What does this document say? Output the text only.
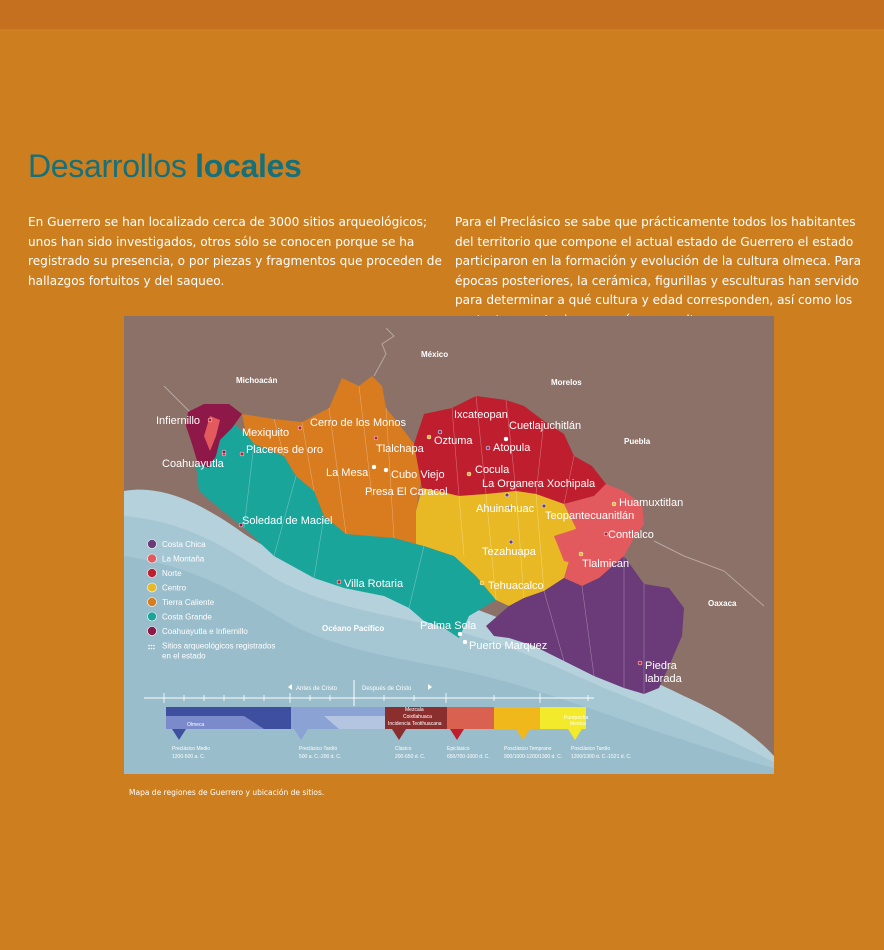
Desarrollos locales

En Guerrero se han localizado cerca de 3000 sitios arqueológicos; unos han sido investigados, otros sólo se conocen porque se ha registrado su presencia, o por piezas y fragmentos que proceden de hallazgos fortuitos y del saqueo.

Para el Preclásico se sabe que prácticamente todos los habitantes del territorio que compone el actual estado de Guerrero el estado participaron en la formación y evolución de la cultura olmeca. Para épocas posteriores, la cerámica, figurillas y esculturas han servido para determinar a qué cultura y edad corresponden, así como los

México
Michoacán	Morelos
Puebla
Oaxaca
Océano Pacífico
Infiernillo
Mexiquito
Cerro de los Monos
Ixcateopan
Cuetlajuchitlán
Placeres de oro	Tlalchapa
Oztuma
Atopula
Coahuayutla
La Mesa Cubo Viejo	Cocula
La Organera Xochipala
Presa El Caracol
Huamuxtitlan
Ahuinahuac
Teopantecuanitlán
Soledad de Maciel
Contlalco
Tezahuapa
Tlalmican
Villa Rotaria	Tehuacalco
Palma Sola
Puerto Marquez
Piedra labrada
Costa Chica
La Montaña
Norte
Centro
Tierra Caliente
Costa Grande
Coahuayutla e Infiernillo
Sitios arqueológicos registrados en el estado
Antes de Cristo	Después de Cristo
Olmeca
Mezcala
Coixtlahuaca
Incidencia Teotihuacana
Purépecha
Mexica
Preclásico Medio
1200-500 a. C.
Preclásico Tardío
500 a. C.-200 d. C.
Clásico
200-650 d. C.
Epiclásico
650/700-1000 d. C.
Posclásico Temprano
900/1000-1200/1300 d. C.
Posclásico Tardío
1200/1300 d. C.-1521 d. C.

Mapa de regiones de Guerrero y ubicación de sitios.
